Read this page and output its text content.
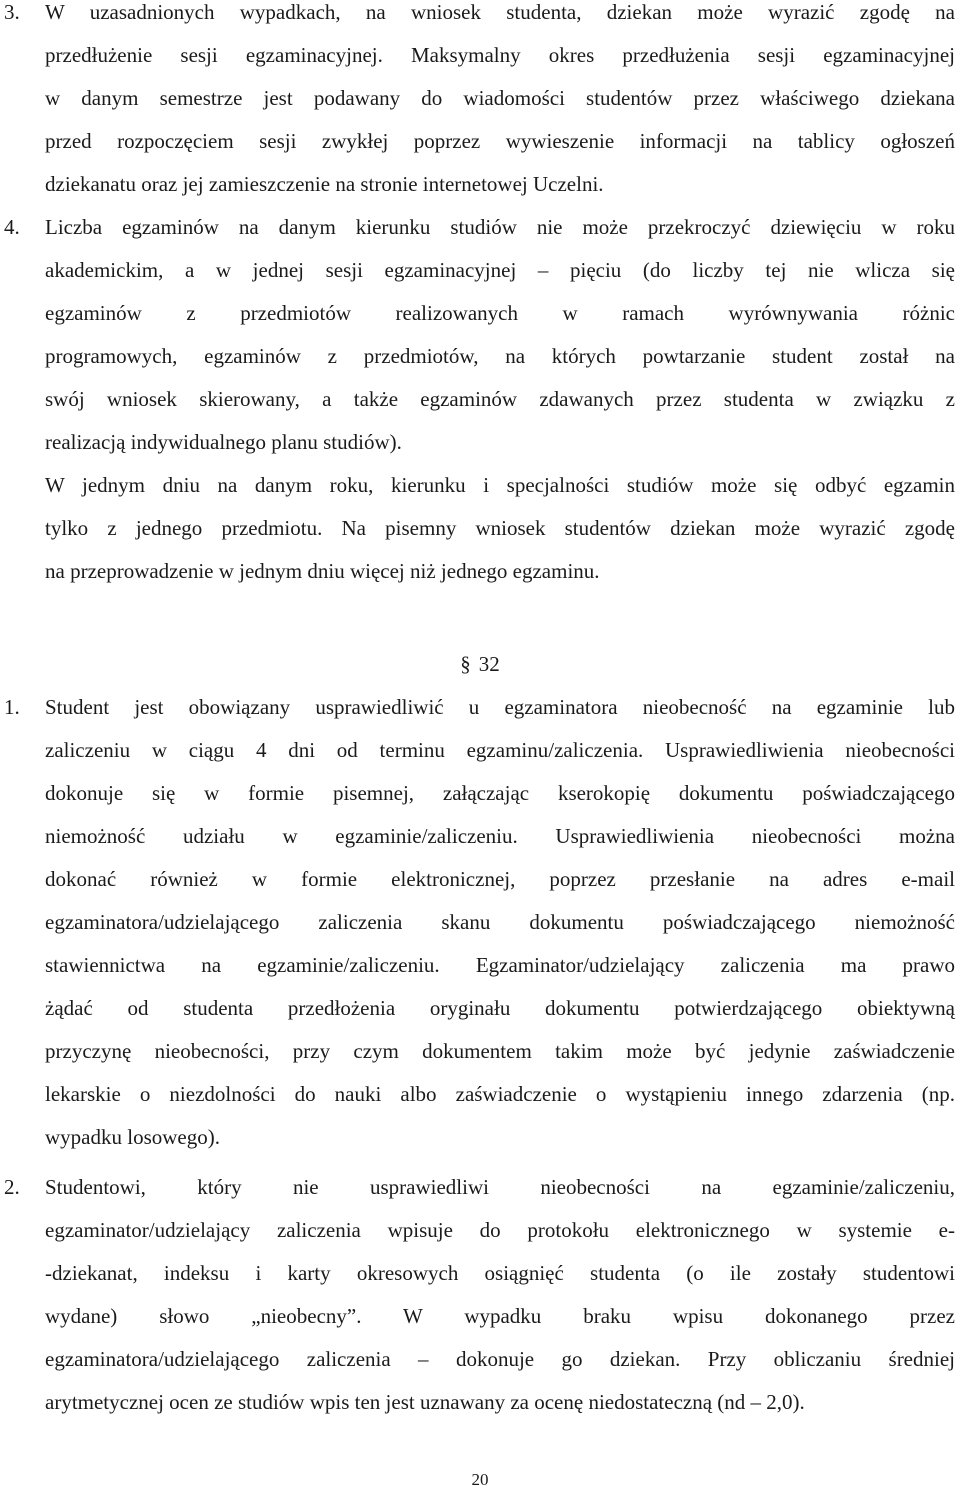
3. W uzasadnionych wypadkach, na wniosek studenta, dziekan może wyrazić zgodę na
przedłużenie sesji egzaminacyjnej. Maksymalny okres przedłużenia sesji egzaminacyjnej
w danym semestrze jest podawany do wiadomości studentów przez właściwego dziekana
przed rozpoczęciem sesji zwykłej poprzez wywieszenie informacji na tablicy ogłoszeń
dziekanatu oraz jej zamieszczenie na stronie internetowej Uczelni.
4. Liczba egzaminów na danym kierunku studiów nie może przekroczyć dziewięciu w roku
akademickim, a w jednej sesji egzaminacyjnej – pięciu (do liczby tej nie wlicza się
egzaminów z przedmiotów realizowanych w ramach wyrównywania różnic
programowych, egzaminów z przedmiotów, na których powtarzanie student został na
swój wniosek skierowany, a także egzaminów zdawanych przez studenta w związku z
realizacją indywidualnego planu studiów).
W jednym dniu na danym roku, kierunku i specjalności studiów może się odbyć egzamin
tylko z jednego przedmiotu. Na pisemny wniosek studentów dziekan może wyrazić zgodę
na przeprowadzenie w jednym dniu więcej niż jednego egzaminu.
§ 32
1. Student jest obowiązany usprawiedliwić u egzaminatora nieobecność na egzaminie lub
zaliczeniu w ciągu 4 dni od terminu egzaminu/zaliczenia. Usprawiedliwienia nieobecności
dokonuje się w formie pisemnej, załączając kserokopię dokumentu poświadczającego
niemożność udziału w egzaminie/zaliczeniu. Usprawiedliwienia nieobecności można
dokonać również w formie elektronicznej, poprzez przesłanie na adres e-mail
egzaminatora/udzielającego zaliczenia skanu dokumentu poświadczającego niemożność
stawiennictwa na egzaminie/zaliczeniu. Egzaminator/udzielający zaliczenia ma prawo
żądać od studenta przedłożenia oryginału dokumentu potwierdzającego obiektywną
przyczynę nieobecności, przy czym dokumentem takim może być jedynie zaświadczenie
lekarskie o niezdolności do nauki albo zaświadczenie o wystąpieniu innego zdarzenia (np.
wypadku losowego).
2. Studentowi, który nie usprawiedliwi nieobecności na egzaminie/zaliczeniu,
egzaminator/udzielający zaliczenia wpisuje do protokołu elektronicznego w systemie e-
-dziekanat, indeksu i karty okresowych osiągnięć studenta (o ile zostały studentowi
wydane) słowo „nieobecny”. W wypadku braku wpisu dokonanego przez
egzaminatora/udzielającego zaliczenia – dokonuje go dziekan. Przy obliczaniu średniej
arytmetycznej ocen ze studiów wpis ten jest uznawany za ocenę niedostateczną (nd – 2,0).
20
